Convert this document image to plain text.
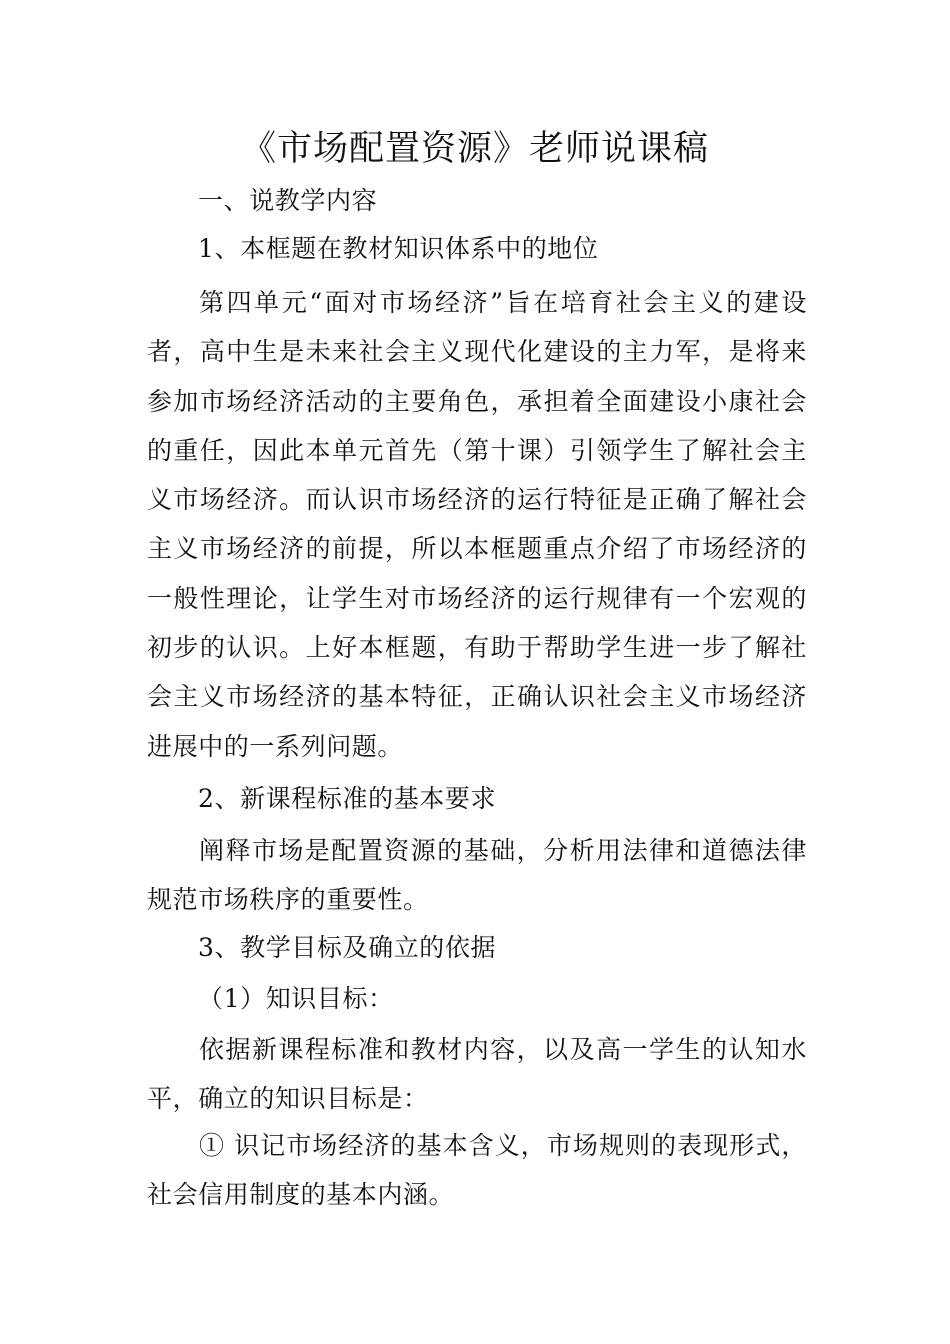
《市场配置资源》老师说课稿
一、说教学内容
1、本框题在教材知识体系中的地位

第四单元“面对市场经济”旨在培育社会主义的建设者，高中生是未来社会主义现代化建设的主力军，是将来参加市场经济活动的主要角色，承担着全面建设小康社会的重任，因此本单元首先（第十课）引领学生了解社会主义市场经济。而认识市场经济的运行特征是正确了解社会主义市场经济的前提，所以本框题重点介绍了市场经济的一般性理论，让学生对市场经济的运行规律有一个宏观的初步的认识。上好本框题，有助于帮助学生进一步了解社会主义市场经济的基本特征，正确认识社会主义市场经济进展中的一系列问题。

2、新课程标准的基本要求

阐释市场是配置资源的基础，分析用法律和道德法律规范市场秩序的重要性。

3、教学目标及确立的依据
（1）知识目标：

依据新课程标准和教材内容，以及高一学生的认知水平，确立的知识目标是：

① 识记市场经济的基本含义，市场规则的表现形式，社会信用制度的基本内涵。
